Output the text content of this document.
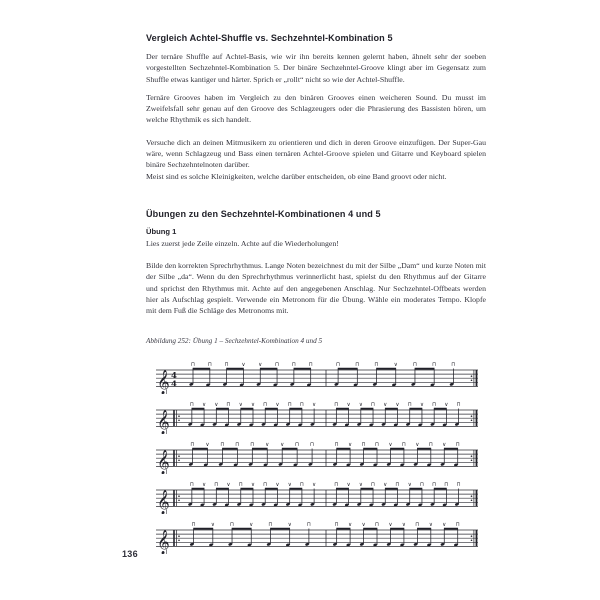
Vergleich Achtel-Shuffle vs. Sechzehntel-Kombination 5

Der ternäre Shuffle auf Achtel-Basis, wie wir ihn bereits kennen gelernt haben, ähnelt sehr der soeben vorgestellten Sechzehntel-Kombination 5. Der binäre Sechzehntel-Groove klingt aber im Gegensatz zum Shuffle etwas kantiger und härter. Sprich er „rollt“ nicht so wie der Achtel-Shuffle.

Ternäre Grooves haben im Vergleich zu den binären Grooves einen weicheren Sound. Du musst im Zweifelsfall sehr genau auf den Groove des Schlagzeugers oder die Phrasierung des Bassisten hören, um welche Rhythmik es sich handelt.

Versuche dich an deinen Mitmusikern zu orientieren und dich in deren Groove einzufügen. Der Super-Gau wäre, wenn Schlagzeug und Bass einen ternären Achtel-Groove spielen und Gitarre und Keyboard spielen binäre Sechzehntelnoten darüber.

Meist sind es solche Kleinigkeiten, welche darüber entscheiden, ob eine Band groovt oder nicht.

Übungen zu den Sechzehntel-Kombinationen 4 und 5
Übung 1

Lies zuerst jede Zeile einzeln. Achte auf die Wiederholungen!

Bilde den korrekten Sprechrhythmus. Lange Noten bezeichnest du mit der Silbe „Dam“ und kurze Noten mit der Silbe „da“. Wenn du den Sprechrhythmus verinnerlicht hast, spielst du den Rhythmus auf der Gitarre und sprichst den Rhythmus mit. Achte auf den angegebenen Anschlag. Nur Sechzehntel-Offbeats werden hier als Aufschlag gespielt. Verwende ein Metronom für die Übung. Wähle ein moderates Tempo. Klopfe mit dem Fuß die Schläge des Metronoms mit.

Abbildung 252: Übung 1 – Sechzehntel-Kombination 4 und 5

𝄞 4
4
⊓ ⊓ ⊓ ∨ ∨ ⊓ ⊓ ⊓	⊓	⊓	⊓	∨	⊓	⊓	⊓
𝄞
⊓ ∨ ∨ ⊓ ∨ ∨ ⊓ ∨ ⊓ ⊓ ∨	⊓ ∨ ∨ ⊓ ∨ ∨ ⊓ ∨ ⊓ ∨ ⊓
𝄞
⊓ ∨ ⊓ ⊓ ⊓ ∨ ∨ ⊓ ⊓	⊓ ∨ ⊓ ⊓ ∨ ⊓ ∨ ⊓ ∨ ⊓
𝄞
⊓ ∨ ⊓ ∨ ⊓ ∨ ⊓ ∨ ∨ ⊓ ∨	⊓ ∨ ∨ ⊓ ∨ ⊓ ∨ ⊓ ⊓ ⊓ ⊓
𝄞
⊓	∨	⊓	∨	⊓	∨	⊓	⊓ ∨ ∨ ⊓ ∨ ∨ ⊓ ∨ ∨ ⊓
136
